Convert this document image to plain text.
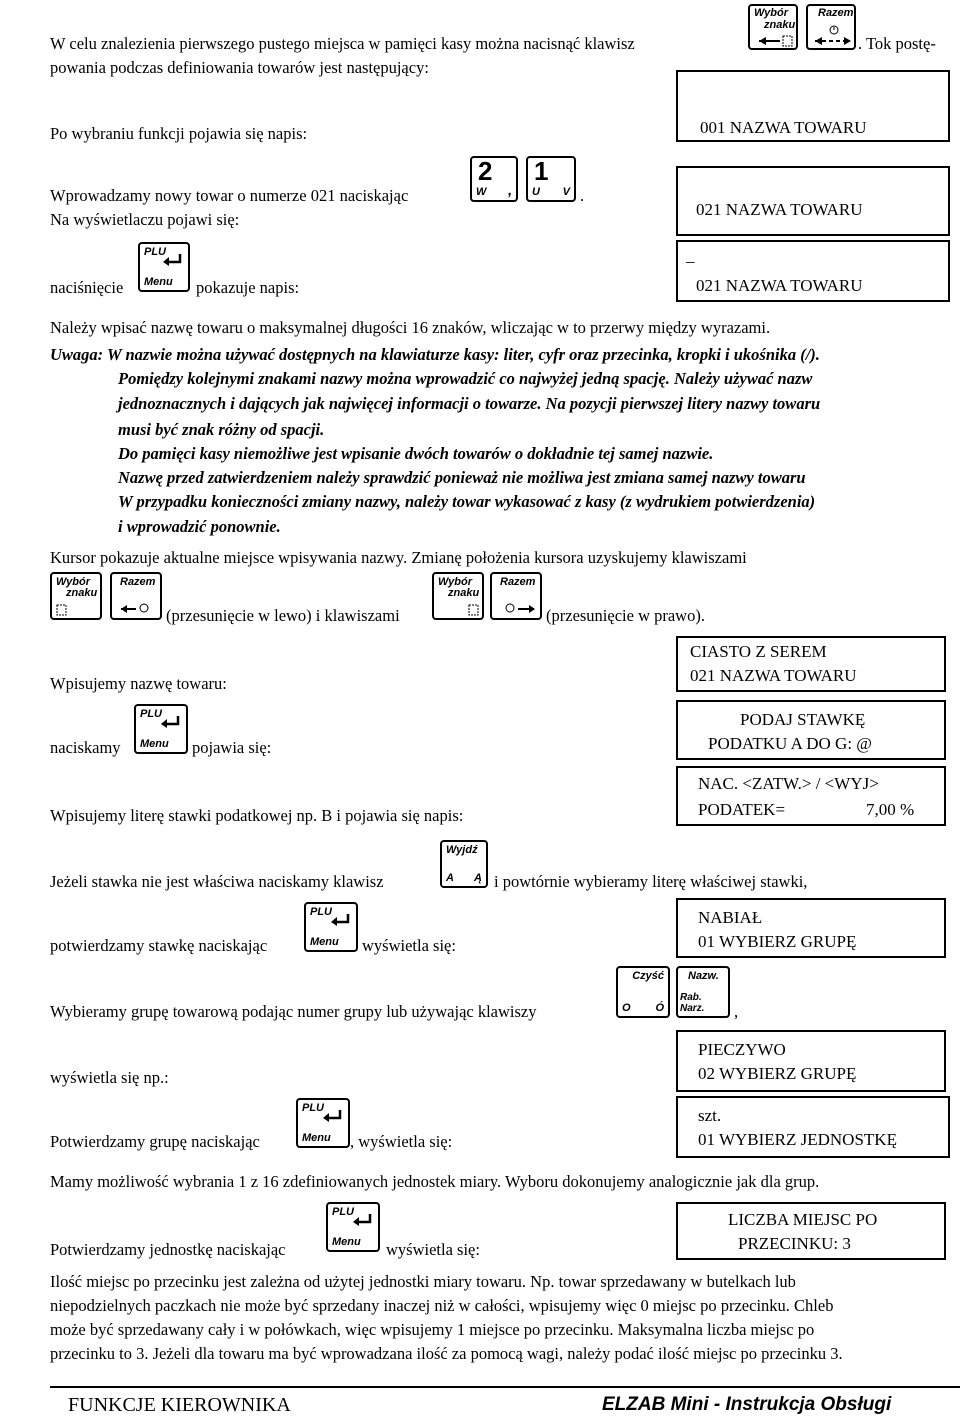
W celu znalezienia pierwszego pustego miejsca w pamięci kasy można nacisnąć klawisz
Wybór
znaku
Razem
. Tok postę-
powania podczas definiowania towarów jest następujący:
Po wybraniu funkcji pojawia się napis:	001 NAZWA TOWARU
Wprowadzamy nowy towar o numerze 021 naciskając
2
W ,
1
U V .
Na wyświetlaczu pojawi się:
021 NAZWA TOWARU
naciśnięcie
PLU
Menu pokazuje napis:
_
021 NAZWA TOWARU
Należy wpisać nazwę towaru o maksymalnej długości 16 znaków, wliczając w to przerwy między wyrazami.
Uwaga: W nazwie można używać dostępnych na klawiaturze kasy: liter, cyfr oraz przecinka, kropki i ukośnika (/).
Pomiędzy kolejnymi znakami nazwy można wprowadzić co najwyżej jedną spację. Należy używać nazw
jednoznacznych i dających jak najwięcej informacji o towarze. Na pozycji pierwszej litery nazwy towaru
musi być znak różny od spacji.
Do pamięci kasy niemożliwe jest wpisanie dwóch towarów o dokładnie tej samej nazwie.
Nazwę przed zatwierdzeniem należy sprawdzić ponieważ nie możliwa jest zmiana samej nazwy towaru
W przypadku konieczności zmiany nazwy, należy towar wykasować z kasy (z wydrukiem potwierdzenia)
i wprowadzić ponownie.
Kursor pokazuje aktualne miejsce wpisywania nazwy. Zmianę położenia kursora uzyskujemy klawiszami
Wybór
znaku
Razem
(przesunięcie w lewo) i klawiszami
Wybór
znaku
Razem
(przesunięcie w prawo).
Wpisujemy nazwę towaru:
CIASTO Z SEREM
021 NAZWA TOWARU
naciskamy
PLU
Menu pojawia się:
PODAJ STAWKĘ
PODATKU A DO G: @
Wpisujemy literę stawki podatkowej np. B i pojawia się napis:
NAC. <ZATW.> / <WYJ>
PODATEK=	7,00 %
Jeżeli stawka nie jest właściwa naciskamy klawisz
Wyjdź
A Ą i powtórnie wybieramy literę właściwej stawki,
potwierdzamy stawkę naciskając
PLU
Menu wyświetla się:
NABIAŁ
01 WYBIERZ GRUPĘ
Wybieramy grupę towarową podając numer grupy lub używając klawiszy
Czyść
O Ó
Nazw.
Rab. Narz.	,
wyświetla się np.:
PIECZYWO
02 WYBIERZ GRUPĘ
Potwierdzamy grupę naciskając
PLU
Menu , wyświetla się:
szt.
01 WYBIERZ JEDNOSTKĘ
Mamy możliwość wybrania 1 z 16 zdefiniowanych jednostek miary. Wyboru dokonujemy analogicznie jak dla grup.
Potwierdzamy jednostkę naciskając
PLU
Menu wyświetla się:
LICZBA MIEJSC PO
PRZECINKU: 3
Ilość miejsc po przecinku jest zależna od użytej jednostki miary towaru. Np. towar sprzedawany w butelkach lub
niepodzielnych paczkach nie może być sprzedany inaczej niż w całości, wpisujemy więc 0 miejsc po przecinku. Chleb
może być sprzedawany cały i w połówkach, więc wpisujemy 1 miejsce po przecinku. Maksymalna liczba miejsc po
przecinku to 3. Jeżeli dla towaru ma być wprowadzana ilość za pomocą wagi, należy podać ilość miejsc po przecinku 3.
FUNKCJE KIEROWNIKA	ELZAB Mini - Instrukcja Obsługi
